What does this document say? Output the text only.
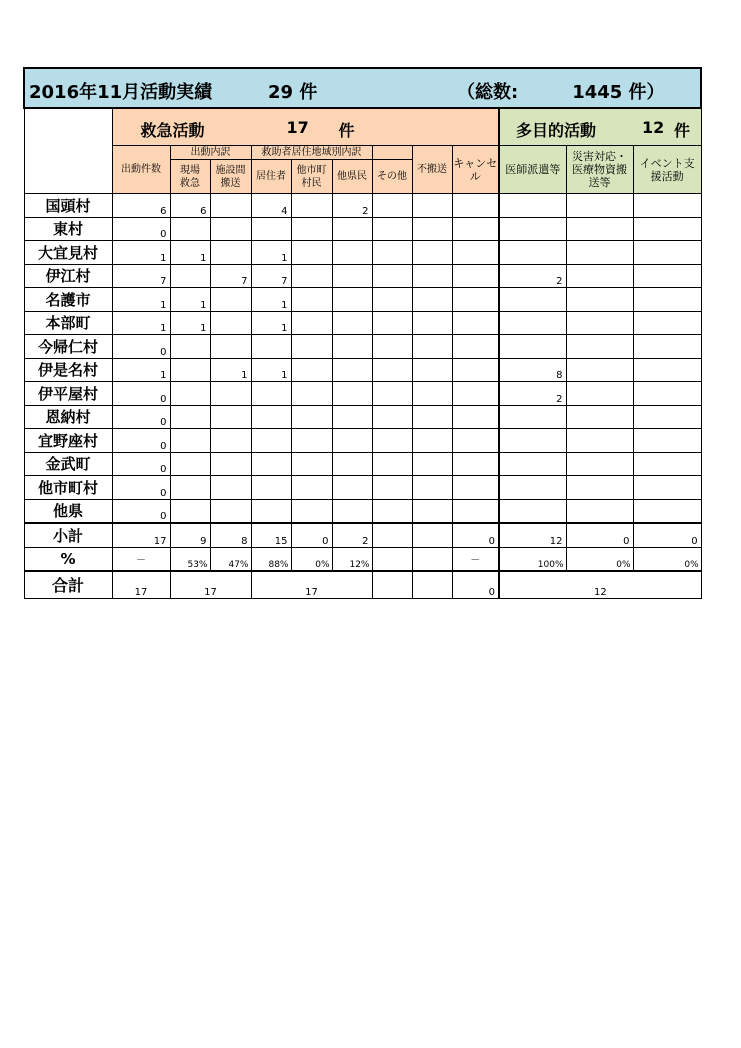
2016年11月活動実績 29 件 （総数:　　　1445 件）												

	救急活動 17 件									多目的活動 12 件		

	出動件数	出動内訳		救助者居住地域別内訳				不搬送	キャンセル	医師派遣等	災害対応・医療物資搬送等	イベント支援活動
		現場救急	施設間搬送	居住者	他市町村民	他県民	その他					
国頭村	6	6		4		2						
東村	0											
大宜見村	1	1		1								
伊江村	7		7	7						2		
名護市	1	1		1								
本部町	1	1		1								
今帰仁村	0											
伊是名村	1		1	1						8		
伊平屋村	0									2		
恩納村	0											
宜野座村	0											
金武町	0											
他市町村	0											
他県	0											
小計	17	9	8	15	0	2			0	12	0	0
%	－	53%	47%	88%	0%	12%			－	100%	0%	0%
合計	17	17		17					0	12		
